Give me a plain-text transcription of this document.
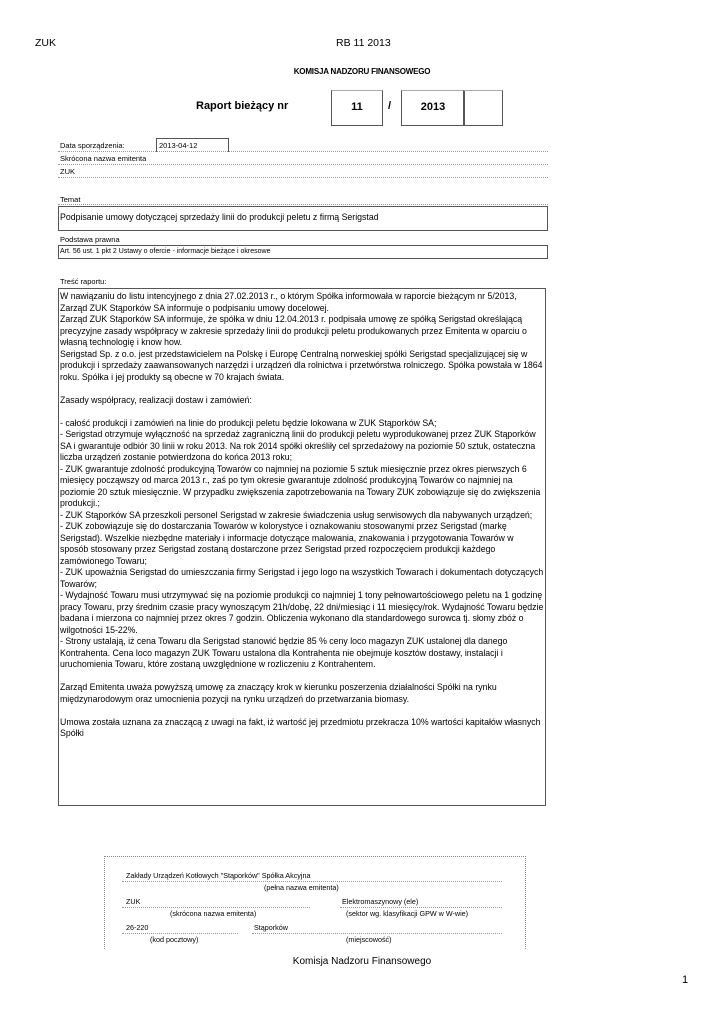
ZUK	RB 11 2013
KOMISJA NADZORU FINANSOWEGO
Raport bieżący nr	11	/	2013
Data sporządzenia:	2013-04-12
Skrócona nazwa emitenta
ZUK
Temat
Podpisanie umowy dotyczącej sprzedaży linii do produkcji peletu z firmą Serigstad
Podstawa prawna
Art. 56 ust. 1 pkt 2 Ustawy o ofercie - informacje bieżące i okresowe
Treść raportu:

W nawiązaniu do listu intencyjnego z dnia 27.02.2013 r., o którym Spółka informowała w raporcie bieżącym nr 5/2013, Zarząd ZUK Stąporków SA informuje o podpisaniu umowy docelowej.
Zarząd ZUK Stąporków SA informuje, że spółka w dniu 12.04.2013 r. podpisała umowę ze spółką Serigstad określającą precyzyjne zasady współpracy w zakresie sprzedaży linii do produkcji peletu produkowanych przez Emitenta w oparciu o własną technologię i know how.
Serigstad Sp. z o.o. jest przedstawicielem na Polskę i Europę Centralną norweskiej spółki Serigstad specjalizującej się w produkcji i sprzedaży zaawansowanych narzędzi i urządzeń dla rolnictwa i przetwórstwa rolniczego. Spółka powstała w 1864 roku. Spółka i jej produkty są obecne w 70 krajach świata.

Zasady współpracy, realizacji dostaw i zamówień:

- całość produkcji i zamówień na linie do produkcji peletu będzie lokowana w ZUK Stąporków SA;
- Serigstad otrzymuje wyłączność na sprzedaż zagraniczną linii do produkcji peletu wyprodukowanej przez ZUK Stąporków SA i gwarantuje odbiór 30 linii w roku 2013. Na rok 2014 spółki określiły cel sprzedażowy na poziomie 50 sztuk, ostateczna liczba urządzeń zostanie potwierdzona do końca 2013 roku;
- ZUK gwarantuje zdolność produkcyjną Towarów co najmniej na poziomie 5 sztuk miesięcznie przez okres pierwszych 6 miesięcy począwszy od marca 2013 r., zaś po tym okresie gwarantuje zdolność produkcyjną Towarów co najmniej na poziomie 20 sztuk miesięcznie. W przypadku zwiększenia zapotrzebowania na Towary ZUK zobowiązuje się do zwiększenia produkcji.;
- ZUK Stąporków SA przeszkoli personel Serigstad w zakresie świadczenia usług serwisowych dla nabywanych urządzeń;
- ZUK zobowiązuje się do dostarczania Towarów w kolorystyce i oznakowaniu stosowanymi przez Serigstad (markę Serigstad). Wszelkie niezbędne materiały i informacje dotyczące malowania, znakowania i przygotowania Towarów w sposób stosowany przez Serigstad zostaną dostarczone przez Serigstad przed rozpoczęciem produkcji każdego zamówionego Towaru;
- ZUK upoważnia Serigstad do umieszczania firmy Serigstad i jego logo na wszystkich Towarach i dokumentach dotyczących Towarów;
- Wydajność Towaru musi utrzymywać się na poziomie produkcji co najmniej 1 tony pełnowartościowego peletu na 1 godzinę pracy Towaru, przy średnim czasie pracy wynoszącym 21h/dobę, 22 dni/miesiąc i 11 miesięcy/rok. Wydajność Towaru będzie badana i mierzona co najmniej przez okres 7 godzin. Obliczenia wykonano dla standardowego surowca tj. słomy zbóż o wilgotności 15-22%.
- Strony ustalają, iż cena Towaru dla Serigstad stanowić będzie 85 % ceny loco magazyn ZUK ustalonej dla danego Kontrahenta. Cena loco magazyn ZUK Towaru ustalona dla Kontrahenta nie obejmuje kosztów dostawy, instalacji i uruchomienia Towaru, które zostaną uwzględnione w rozliczeniu z Kontrahentem.

Zarząd Emitenta uważa powyższą umowę za znaczący krok w kierunku poszerzenia działalności Spółki na rynku międzynarodowym oraz umocnienia pozycji na rynku urządzeń do przetwarzania biomasy.

Umowa została uznana za znaczącą z uwagi na fakt, iż wartość jej przedmiotu przekracza 10% wartości kapitałów własnych Spółki

Zakłady Urządzeń Kotłowych "Stąporków" Spółka Akcyjna
(pełna nazwa emitenta)
ZUK
(skrócona nazwa emitenta)
Elektromaszynowy (ele)
(sektor wg. klasyfikacji GPW w W-wie)
26-220
(kod pocztowy)
Stąporków
(miejscowość)
Komisja Nadzoru Finansowego
1
